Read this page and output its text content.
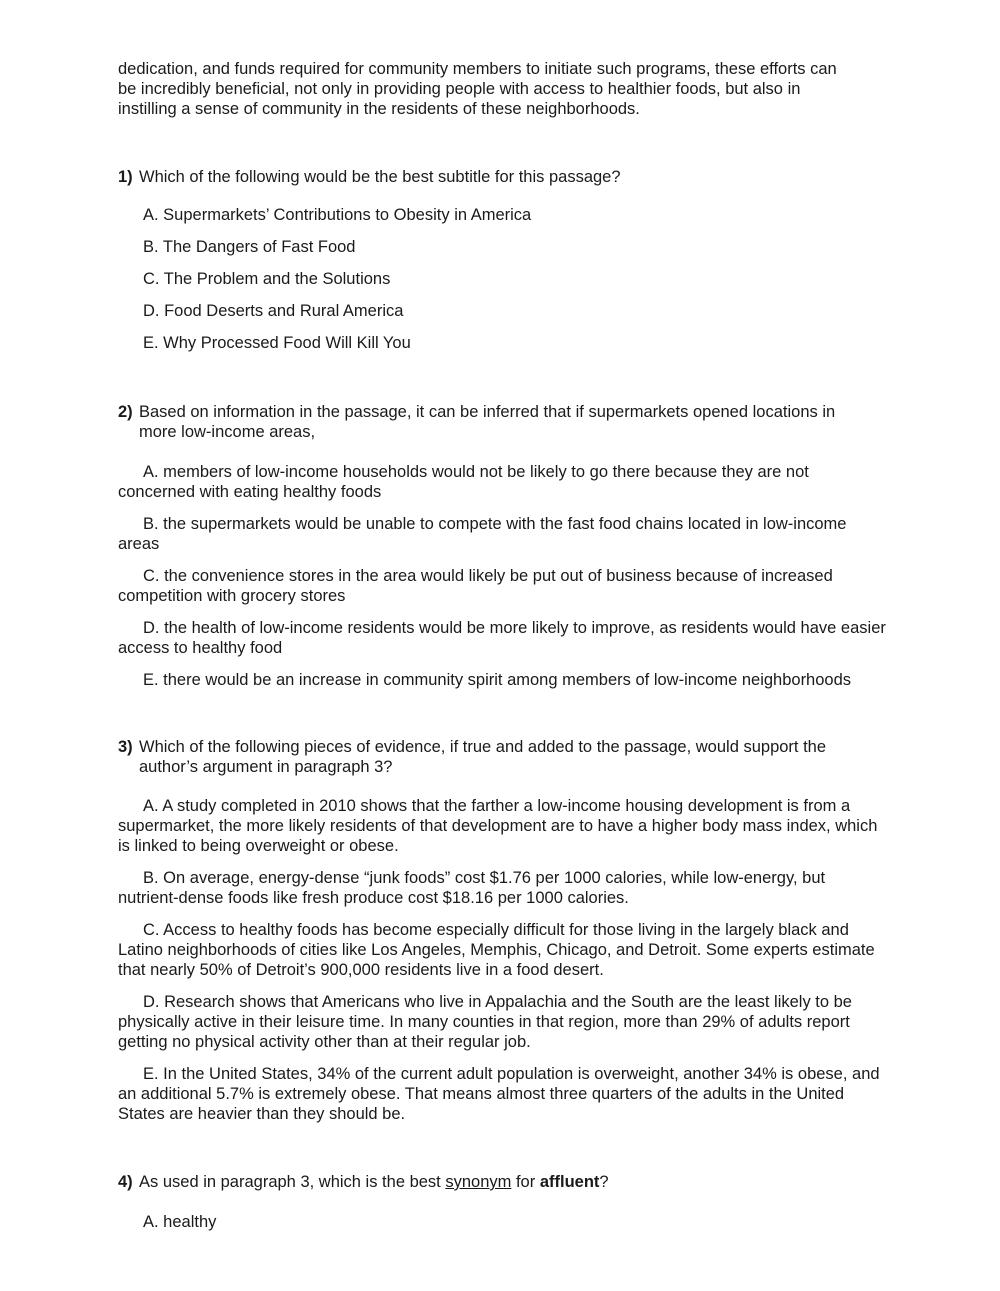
dedication, and funds required for community members to initiate such programs, these efforts can

be incredibly beneficial, not only in providing people with access to healthier foods, but also in

instilling a sense of community in the residents of these neighborhoods.

1) Which of the following would be the best subtitle for this passage?

A. Supermarkets’ Contributions to Obesity in America
B. The Dangers of Fast Food
C. The Problem and the Solutions
D. Food Deserts and Rural America
E. Why Processed Food Will Kill You
2) Based on information in the passage, it can be inferred that if supermarkets opened locations in
more low-income areas,

A. members of low-income households would not be likely to go there because they are not concerned with eating healthy foods

B. the supermarkets would be unable to compete with the fast food chains located in low-income areas

C. the convenience stores in the area would likely be put out of business because of increased competition with grocery stores

D. the health of low-income residents would be more likely to improve, as residents would have easier access to healthy food

E. there would be an increase in community spirit among members of low-income neighborhoods

3) Which of the following pieces of evidence, if true and added to the passage, would support the
author’s argument in paragraph 3?

A. A study completed in 2010 shows that the farther a low-income housing development is from a supermarket, the more likely residents of that development are to have a higher body mass index, which is linked to being overweight or obese.

B. On average, energy-dense “junk foods” cost $1.76 per 1000 calories, while low-energy, but nutrient-dense foods like fresh produce cost $18.16 per 1000 calories.

C. Access to healthy foods has become especially difficult for those living in the largely black and Latino neighborhoods of cities like Los Angeles, Memphis, Chicago, and Detroit. Some experts estimate that nearly 50% of Detroit’s 900,000 residents live in a food desert.

D. Research shows that Americans who live in Appalachia and the South are the least likely to be physically active in their leisure time. In many counties in that region, more than 29% of adults report getting no physical activity other than at their regular job.

E. In the United States, 34% of the current adult population is overweight, another 34% is obese, and an additional 5.7% is extremely obese. That means almost three quarters of the adults in the United States are heavier than they should be.

4) As used in paragraph 3, which is the best synonym for affluent?

A. healthy
